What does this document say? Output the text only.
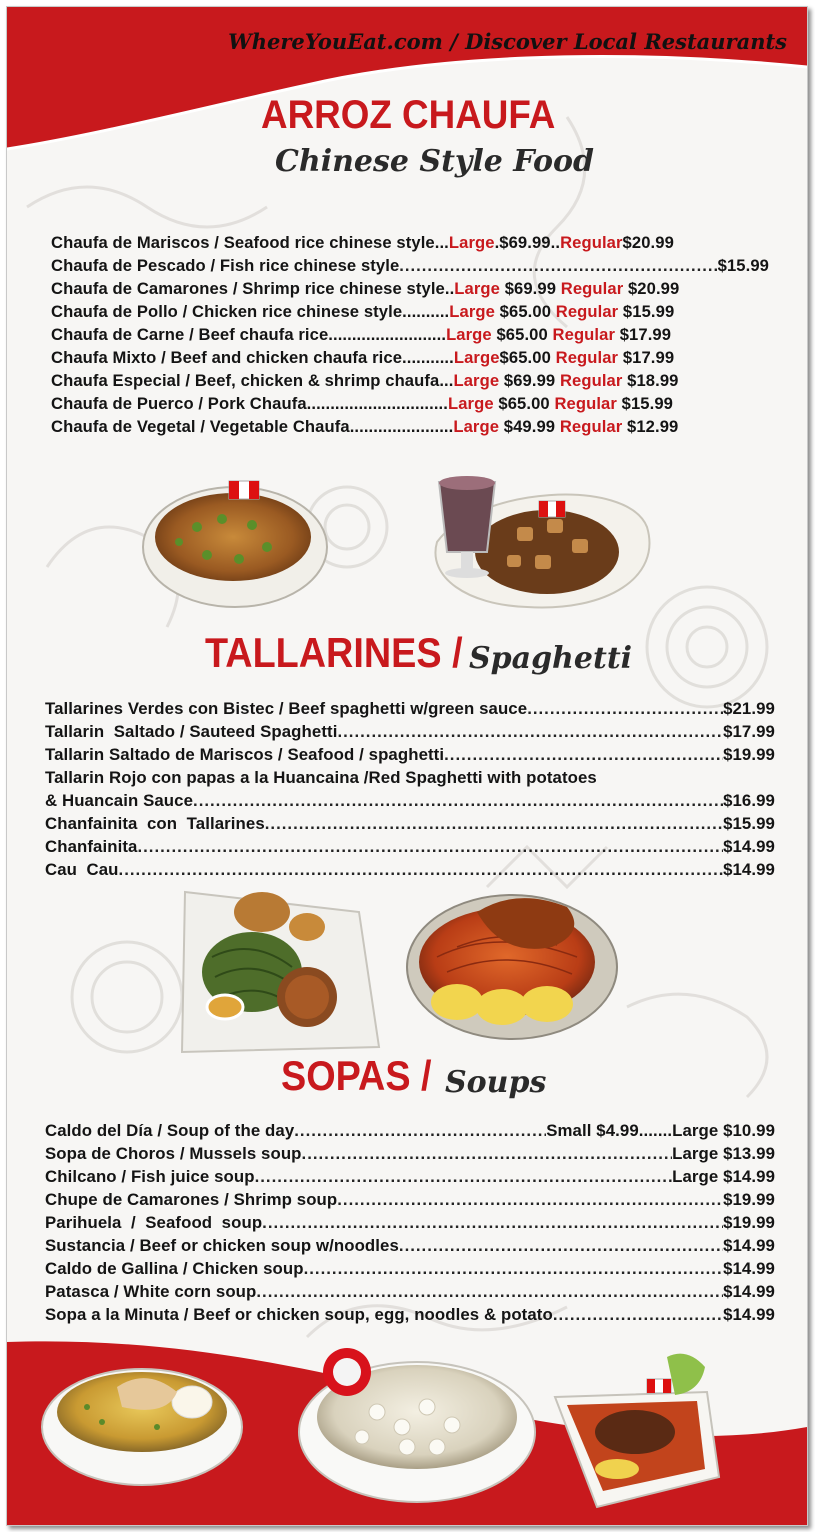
WhereYouEat.com / Discover Local Restaurants
ARROZ CHAUFA
Chinese Style Food
Chaufa de Mariscos / Seafood rice chinese style ... Large .$69.99 .. Regular $20.99
Chaufa de Pescado / Fish rice chinese style .....	$15.99
Chaufa de Camarones / Shrimp rice chinese style .. Large $69.99 Regular $20.99
Chaufa de Pollo / Chicken rice chinese style .......... Large $65.00 Regular $15.99
Chaufa de Carne / Beef chaufa rice ......................... Large $65.00 Regular $17.99
Chaufa Mixto / Beef and chicken chaufa rice ........... Large $65.00 Regular $17.99
Chaufa Especial / Beef, chicken & shrimp chaufa ... Large $69.99 Regular $18.99
Chaufa de Puerco / Pork Chaufa .............................. Large $65.00 Regular $15.99
Chaufa de Vegetal / Vegetable Chaufa ...................... Large $49.99 Regular $12.99
TALLARINES / Spaghetti
Tallarines Verdes con Bistec / Beef spaghetti w/green sauce .....	$21.99
Tallarin  Saltado / Sauteed Spaghetti .....	$17.99
Tallarin Saltado de Mariscos / Seafood / spaghetti .....	$19.99
Tallarin Rojo con papas a la Huancaina /Red Spaghetti with potatoes
& Huancain Sauce .....	$16.99
Chanfainita  con  Tallarines .....	$15.99
Chanfainita .....	$14.99
Cau  Cau .....	$14.99
SOPAS / Soups
Caldo del Día / Soup of the day .....	Small $4.99 ....... Large $10.99
Sopa de Choros / Mussels soup .....	Large $13.99
Chilcano / Fish juice soup .....	Large $14.99
Chupe de Camarones / Shrimp soup .....	$19.99
Parihuela  /  Seafood  soup .....	$19.99
Sustancia / Beef or chicken soup w/noodles .....	$14.99
Caldo de Gallina / Chicken soup .....	$14.99
Patasca / White corn soup .....	$14.99
Sopa a la Minuta / Beef or chicken soup, egg, noodles & potato .....	$14.99
